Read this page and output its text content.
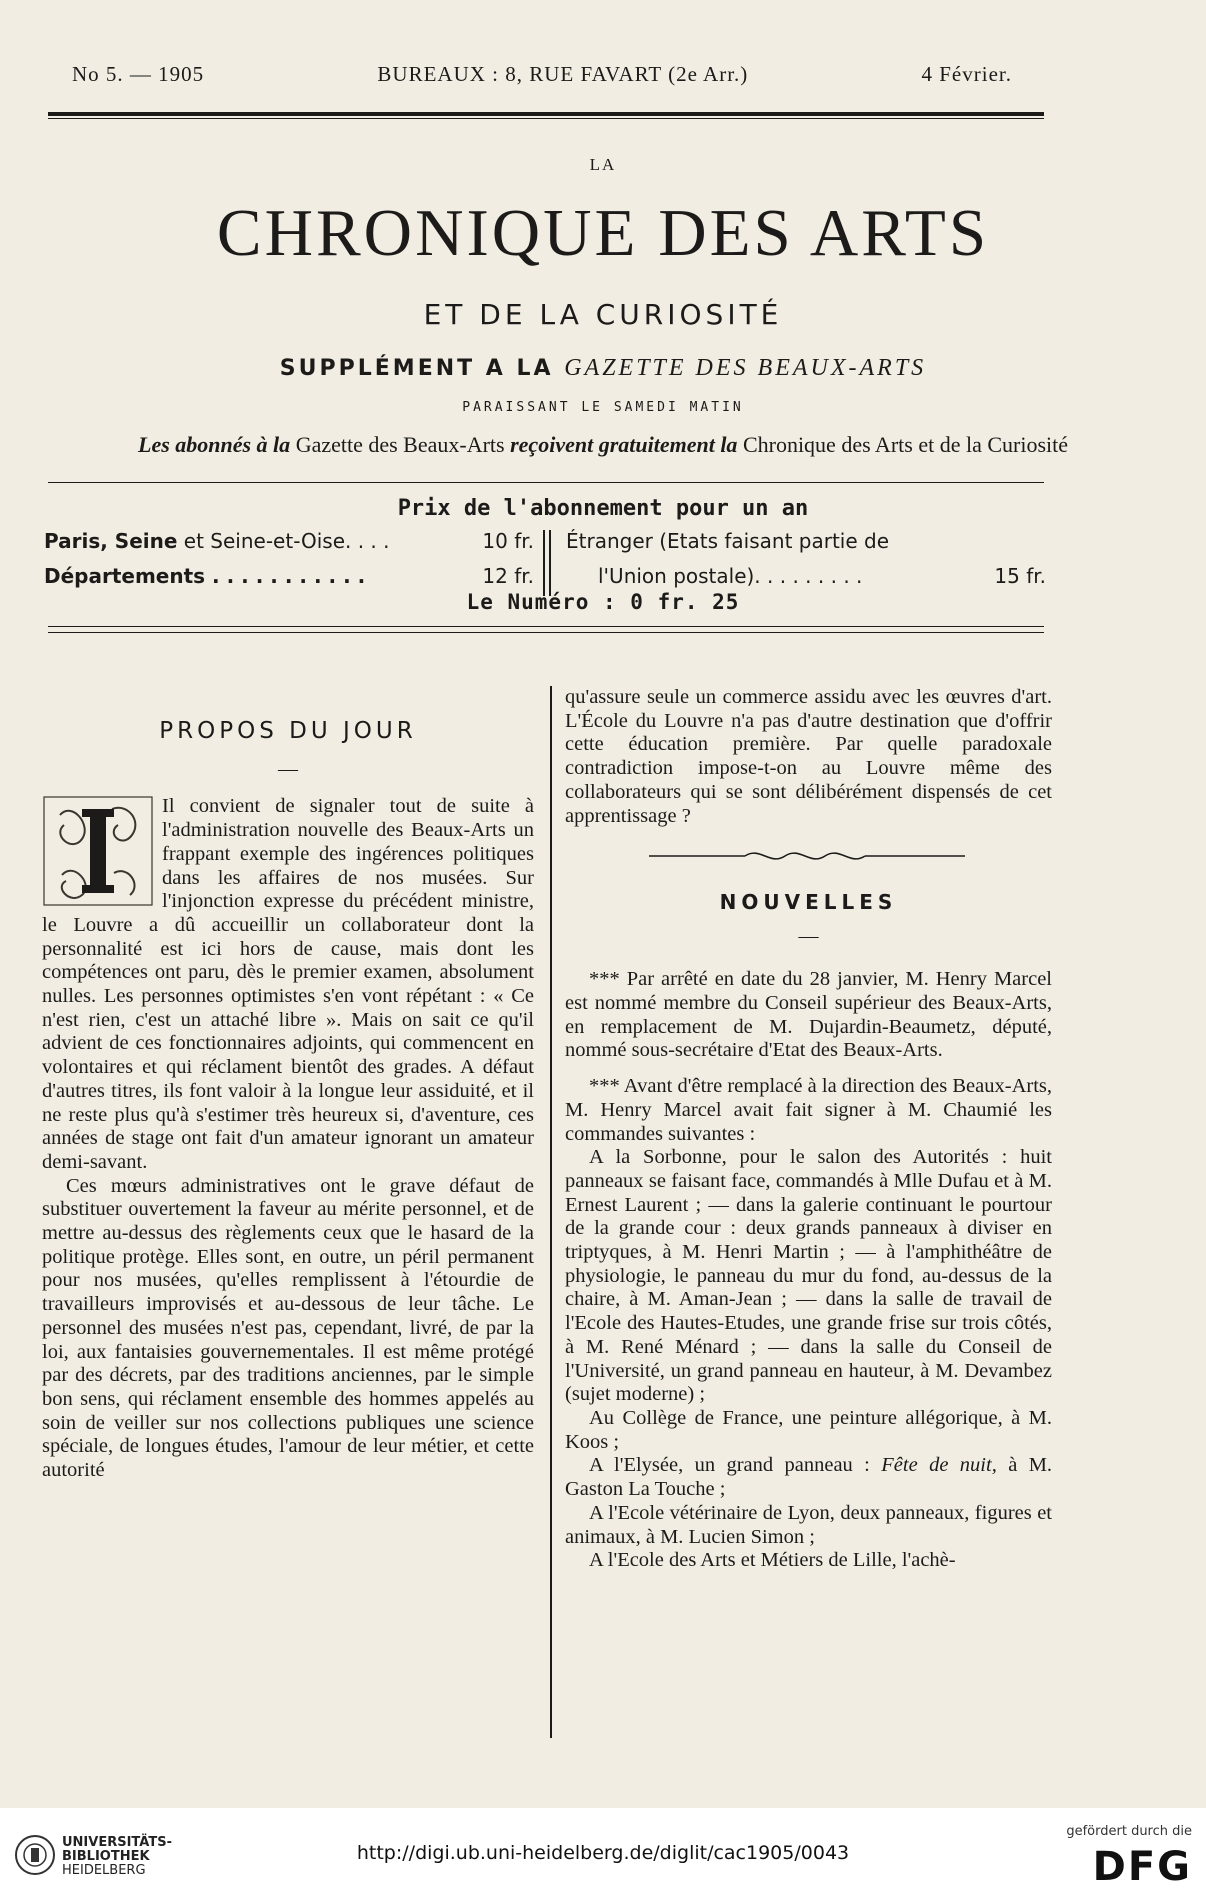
No 5. — 1905	BUREAUX : 8, RUE FAVART (2e Arr.)	4 Février.
LA
CHRONIQUE DES ARTS
ET DE LA CURIOSITÉ
SUPPLÉMENT A LA GAZETTE DES BEAUX-ARTS
PARAISSANT LE SAMEDI MATIN
Les abonnés à la Gazette des Beaux-Arts reçoivent gratuitement la Chronique des Arts et de la Curiosité
Prix de l'abonnement pour un an
Paris, Seine et Seine-et-Oise. . . .	10 fr.
Départements . . . . . . . . . . .	12 fr.
Étranger (Etats faisant partie de
l'Union postale). . . . . . . . .	15 fr.
Le Numéro : 0 fr. 25
PROPOS DU JOUR
—

Il convient de signaler tout de suite à l'administration nouvelle des Beaux-Arts un frappant exemple des ingérences politiques dans les affaires de nos musées. Sur l'injonction expresse du précédent ministre, le Louvre a dû accueillir un collaborateur dont la personnalité est ici hors de cause, mais dont les compétences ont paru, dès le premier examen, absolument nulles. Les personnes optimistes s'en vont répétant : « Ce n'est rien, c'est un attaché libre ». Mais on sait ce qu'il advient de ces fonctionnaires adjoints, qui commencent en volontaires et qui réclament bientôt des grades. A défaut d'autres titres, ils font valoir à la longue leur assiduité, et il ne reste plus qu'à s'estimer très heureux si, d'aventure, ces années de stage ont fait d'un amateur ignorant un amateur demi-savant.

Ces mœurs administratives ont le grave défaut de substituer ouvertement la faveur au mérite personnel, et de mettre au-dessus des règlements ceux que le hasard de la politique protège. Elles sont, en outre, un péril permanent pour nos musées, qu'elles remplissent à l'étourdie de travailleurs improvisés et au-dessous de leur tâche. Le personnel des musées n'est pas, cependant, livré, de par la loi, aux fantaisies gouvernementales. Il est même protégé par des décrets, par des traditions anciennes, par le simple bon sens, qui réclament ensemble des hommes appelés au soin de veiller sur nos collections publiques une science spéciale, de longues études, l'amour de leur métier, et cette autorité

qu'assure seule un commerce assidu avec les œuvres d'art. L'École du Louvre n'a pas d'autre destination que d'offrir cette éducation première. Par quelle paradoxale contradiction impose-t-on au Louvre même des collaborateurs qui se sont délibérément dispensés de cet apprentissage ?

NOUVELLES
—

*** Par arrêté en date du 28 janvier, M. Henry Marcel est nommé membre du Conseil supérieur des Beaux-Arts, en remplacement de M. Dujardin-Beaumetz, député, nommé sous-secrétaire d'Etat des Beaux-Arts.

*** Avant d'être remplacé à la direction des Beaux-Arts, M. Henry Marcel avait fait signer à M. Chaumié les commandes suivantes :

A la Sorbonne, pour le salon des Autorités : huit panneaux se faisant face, commandés à Mlle Dufau et à M. Ernest Laurent ; — dans la galerie continuant le pourtour de la grande cour : deux grands panneaux à diviser en triptyques, à M. Henri Martin ; — à l'amphithéâtre de physiologie, le panneau du mur du fond, au-dessus de la chaire, à M. Aman-Jean ; — dans la salle de travail de l'Ecole des Hautes-Etudes, une grande frise sur trois côtés, à M. René Ménard ; — dans la salle du Conseil de l'Université, un grand panneau en hauteur, à M. Devambez (sujet moderne) ;

Au Collège de France, une peinture allégorique, à M. Koos ;

A l'Elysée, un grand panneau : Fête de nuit, à M. Gaston La Touche ;

A l'Ecole vétérinaire de Lyon, deux panneaux, figures et animaux, à M. Lucien Simon ;

A l'Ecole des Arts et Métiers de Lille, l'achè-

UNIVERSITÄTS-
BIBLIOTHEK
HEIDELBERG
http://digi.ub.uni-heidelberg.de/diglit/cac1905/0043
gefördert durch die
DFG
